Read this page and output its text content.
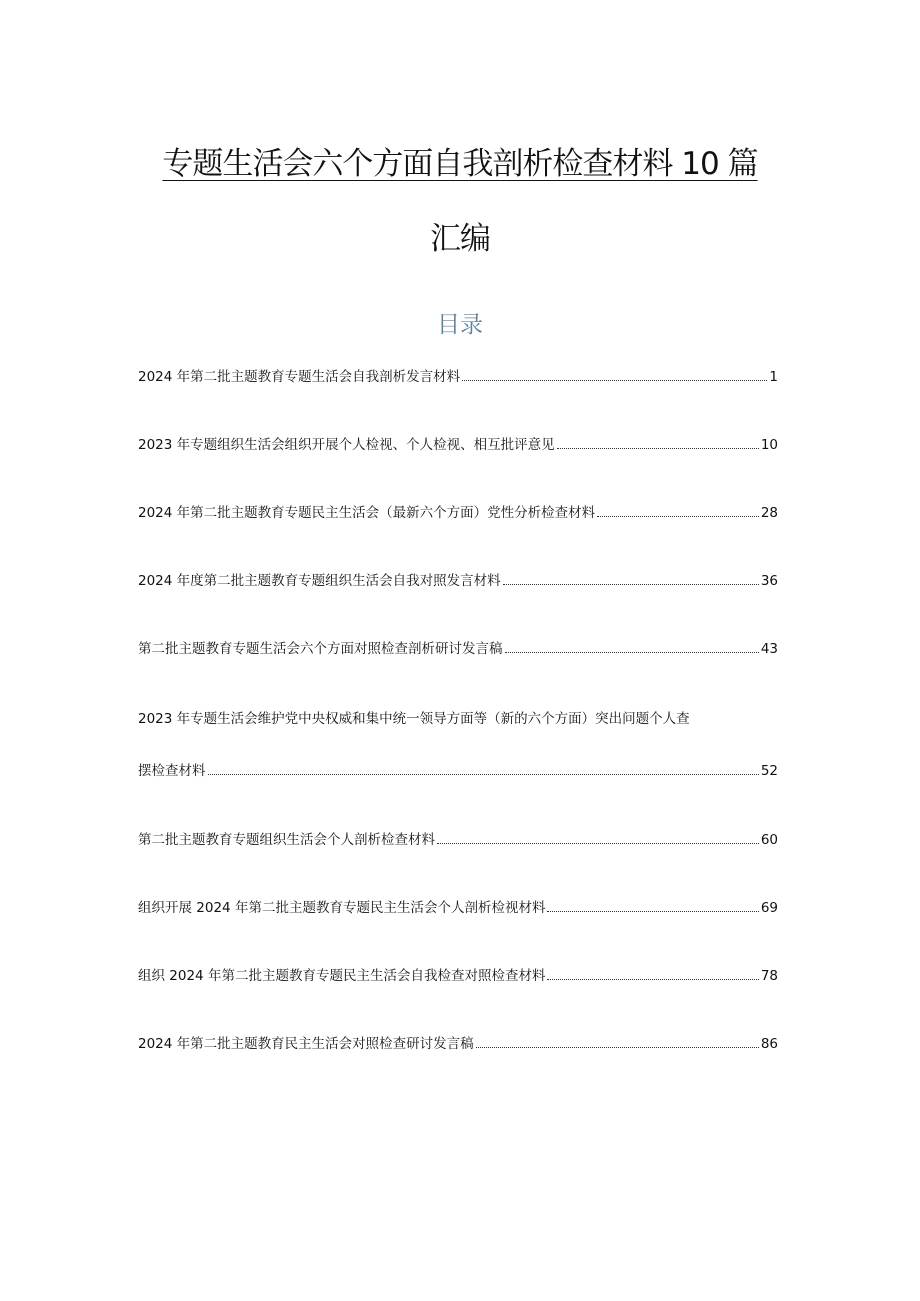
专题生活会六个方面自我剖析检查材料 10 篇
汇编
目录
2024 年第二批主题教育专题生活会自我剖析发言材料	1
2023 年专题组织生活会组织开展个人检视、个人检视、相互批评意见	10
2024 年第二批主题教育专题民主生活会（最新六个方面）党性分析检查材料	28
2024 年度第二批主题教育专题组织生活会自我对照发言材料	36
第二批主题教育专题生活会六个方面对照检查剖析研讨发言稿	43
2023 年专题生活会维护党中央权威和集中统一领导方面等（新的六个方面）突出问题个人查
摆检查材料	52
第二批主题教育专题组织生活会个人剖析检查材料	60
组织开展 2024 年第二批主题教育专题民主生活会个人剖析检视材料	69
组织 2024 年第二批主题教育专题民主生活会自我检查对照检查材料	78
2024 年第二批主题教育民主生活会对照检查研讨发言稿	86
